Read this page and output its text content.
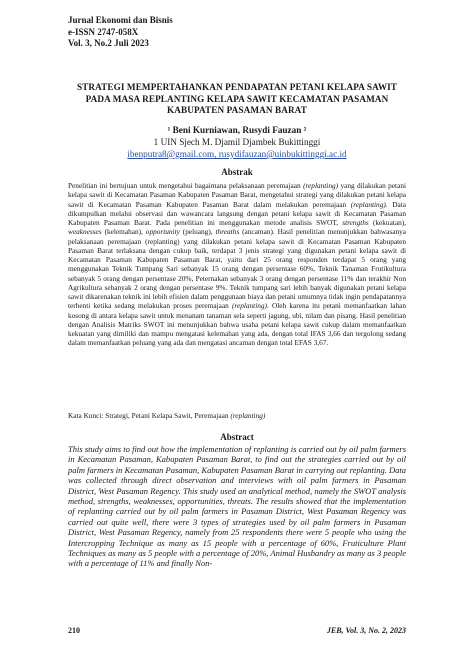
Jurnal Ekonomi dan Bisnis
e-ISSN 2747-058X
Vol. 3, No.2 Juli 2023
STRATEGI MEMPERTAHANKAN PENDAPATAN PETANI KELAPA SAWIT PADA MASA REPLANTING KELAPA SAWIT KECAMATAN PASAMAN KABUPATEN PASAMAN BARAT
¹ Beni Kurniawan, Rusydi Fauzan ²
1 UIN Sjech M. Djamil Djambek Bukittinggi
ibenputra8@gmail.com, rusydifauzan@uinbukittinggi.ac.id
Abstrak

Penelitian ini bertujuan untuk mengetahui bagaimana pelaksanaan peremajaan (replanting) yang dilakukan petani kelapa sawit di Kecamatan Pasaman Kabupaten Pasaman Barat, mengetahui strategi yang dilakukan petani kelapa sawit di Kecamatan Pasaman Kabupaten Pasaman Barat dalam melakukan peremajaan (replanting). Data dikumpulkan melalui observasi dan wawancara langsung dengan petani kelapa sawit di Kecamatan Pasaman Kabupaten Pasaman Barat. Pada penelitian ini menggunakan metode analisis SWOT, strengths (kekuatan), weaknesses (kelemahan), opportunity (peluang), threaths (ancaman). Hasil penelitian menunjukkan bahwasanya pelaksanaan peremajaan (replanting) yang dilakukan petani kelapa sawit di Kecamatan Pasaman Kabupaten Pasaman Barat terlaksana dengan cukup baik, terdapat 3 jenis strategi yang digunakan petani kelapa sawit di Kecamatan Pasaman Kabupaten Pasaman Barat, yaitu dari 25 orang responden terdapat 5 orang yang menggunakan Teknik Tumpang Sari sebanyak 15 orang dengan persentase 60%, Teknik Tanaman Frutikultura sebanyak 5 orang dengan persentase 20%, Peternakan sebanyak 3 orang dengan persentase 11% dan terakhir Non Agrikultura sebanyak 2 orang dengan persentase 9%. Teknik tumpang sari lebih banyak digunakan petani kelapa sawit dikarenakan teknik ini lebih efisien dalam penggunaan biaya dan petani umumnya tidak ingin pendapatannya terhenti ketika sedang melakukan proses peremajaan (replanting). Oleh karena itu petani memanfaatkan lahan kosong di antara kelapa sawit untuk menanam tanaman sela seperti jagung, ubi, nilam dan pisang. Hasil penelitian dengan Analisis Matriks SWOT ini menunjukkan bahwa usaha petani kelapa sawit cukup dalam memanfaatkan kekuatan yang dimiliki dan mampu mengatasi kelemahan yang ada, dengan total IFAS 3,66 dan tergolong sedang dalam memanfaatkan peluang yang ada dan mengatasi ancaman dengan total EFAS 3,67.

Kata Kunci: Strategi, Petani Kelapa Sawit, Peremajaan (replanting)
Abstract

This study aims to find out how the implementation of replanting is carried out by oil palm farmers in Kecamatan Pasaman, Kabupaten Pasaman Barat, to find out the strategies carried out by oil palm farmers in Kecamatan Pasaman, Kabupaten Pasaman Barat in carrying out replanting. Data was collected through direct observation and interviews with oil palm farmers in Pasaman District, West Pasaman Regency. This study used an analytical method, namely the SWOT analysis method, strengths, weaknesses, opportunities, threats. The results showed that the implementation of replanting carried out by oil palm farmers in Pasaman District, West Pasaman Regency was carried out quite well, there were 3 types of strategies used by oil palm farmers in Pasaman District, West Pasaman Regency, namely from 25 respondents there were 5 people who using the Intercropping Technique as many as 15 people with a percentage of 60%, Fruticulture Plant Techniques as many as 5 people with a percentage of 20%, Animal Husbandry as many as 3 people with a percentage of 11% and finally Non-

210	JEB, Vol. 3, No. 2, 2023
